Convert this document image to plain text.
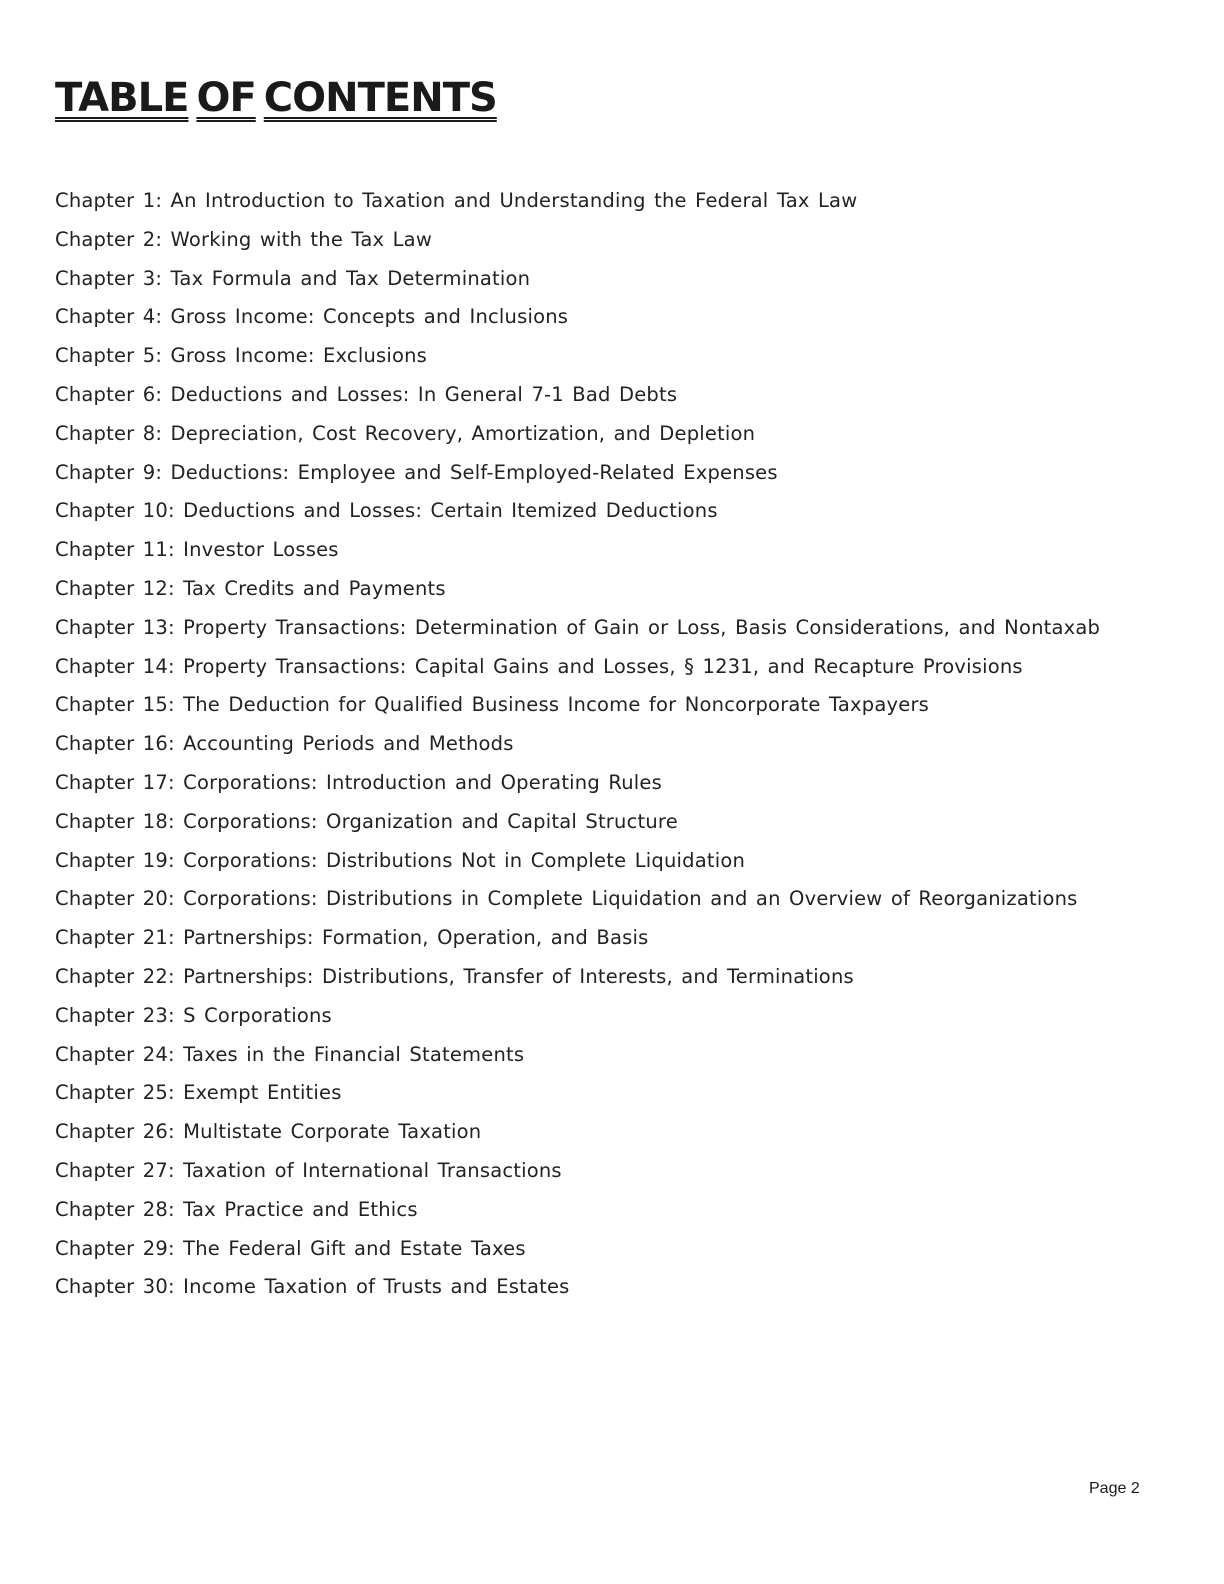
TABLE OF CONTENTS
Chapter 1: An Introduction to Taxation and Understanding the Federal Tax Law
Chapter 2: Working with the Tax Law
Chapter 3: Tax Formula and Tax Determination
Chapter 4: Gross Income: Concepts and Inclusions
Chapter 5: Gross Income: Exclusions
Chapter 6: Deductions and Losses: In General 7-1 Bad Debts
Chapter 8: Depreciation, Cost Recovery, Amortization, and Depletion
Chapter 9: Deductions: Employee and Self-Employed-Related Expenses
Chapter 10: Deductions and Losses: Certain Itemized Deductions
Chapter 11: Investor Losses
Chapter 12: Tax Credits and Payments
Chapter 13: Property Transactions: Determination of Gain or Loss, Basis Considerations, and Nontaxab
Chapter 14: Property Transactions: Capital Gains and Losses, § 1231, and Recapture Provisions
Chapter 15: The Deduction for Qualified Business Income for Noncorporate Taxpayers
Chapter 16: Accounting Periods and Methods
Chapter 17: Corporations: Introduction and Operating Rules
Chapter 18: Corporations: Organization and Capital Structure
Chapter 19: Corporations: Distributions Not in Complete Liquidation
Chapter 20: Corporations: Distributions in Complete Liquidation and an Overview of Reorganizations
Chapter 21: Partnerships: Formation, Operation, and Basis
Chapter 22: Partnerships: Distributions, Transfer of Interests, and Terminations
Chapter 23: S Corporations
Chapter 24: Taxes in the Financial Statements
Chapter 25: Exempt Entities
Chapter 26: Multistate Corporate Taxation
Chapter 27: Taxation of International Transactions
Chapter 28: Tax Practice and Ethics
Chapter 29: The Federal Gift and Estate Taxes
Chapter 30: Income Taxation of Trusts and Estates
Page 2
